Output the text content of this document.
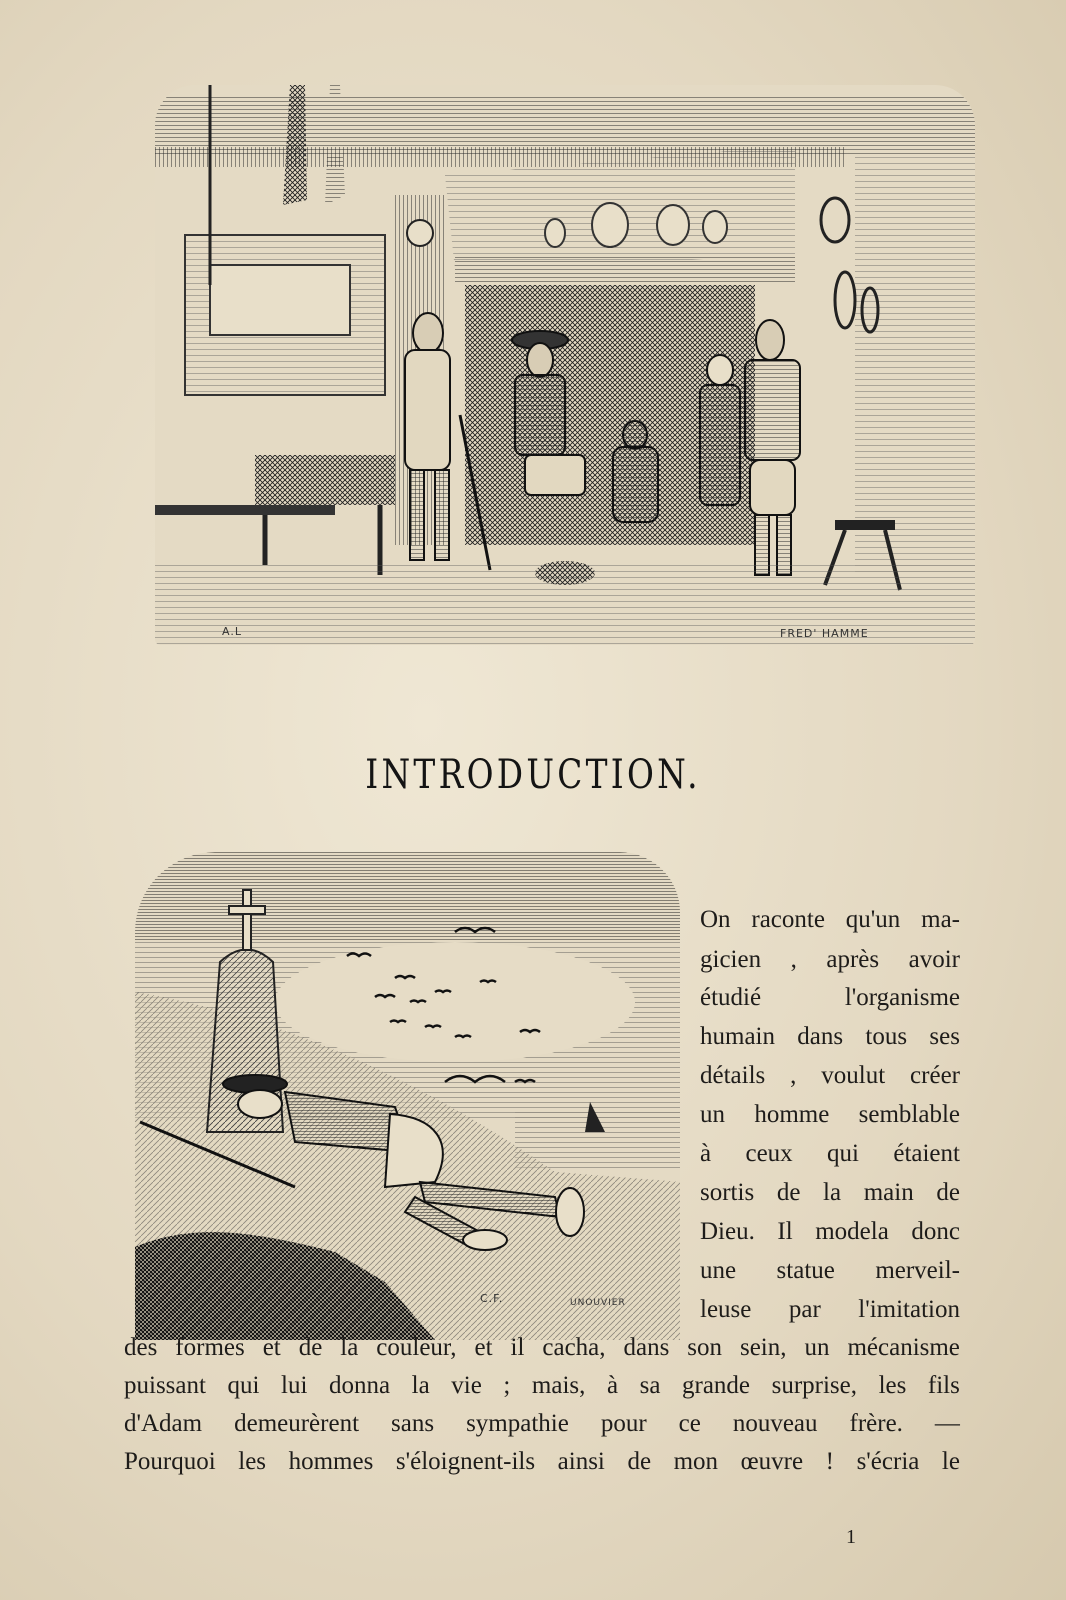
A.L	FRED' HAMME
INTRODUCTION.
C.F.	UNOUVIER
On raconte qu'un ma-
gicien , après avoir
étudié	l'organisme
humain dans tous ses
détails , voulut créer
un homme semblable
à ceux qui étaient
sortis de la main de
Dieu. Il modela donc
une statue merveil-
leuse par l'imitation
des formes et de la couleur, et il cacha, dans son sein, un mécanisme
puissant qui lui donna la vie ; mais, à sa grande surprise, les fils
d'Adam demeurèrent sans sympathie pour ce nouveau frère. —
Pourquoi les hommes s'éloignent-ils ainsi de mon œuvre ! s'écria le
1
